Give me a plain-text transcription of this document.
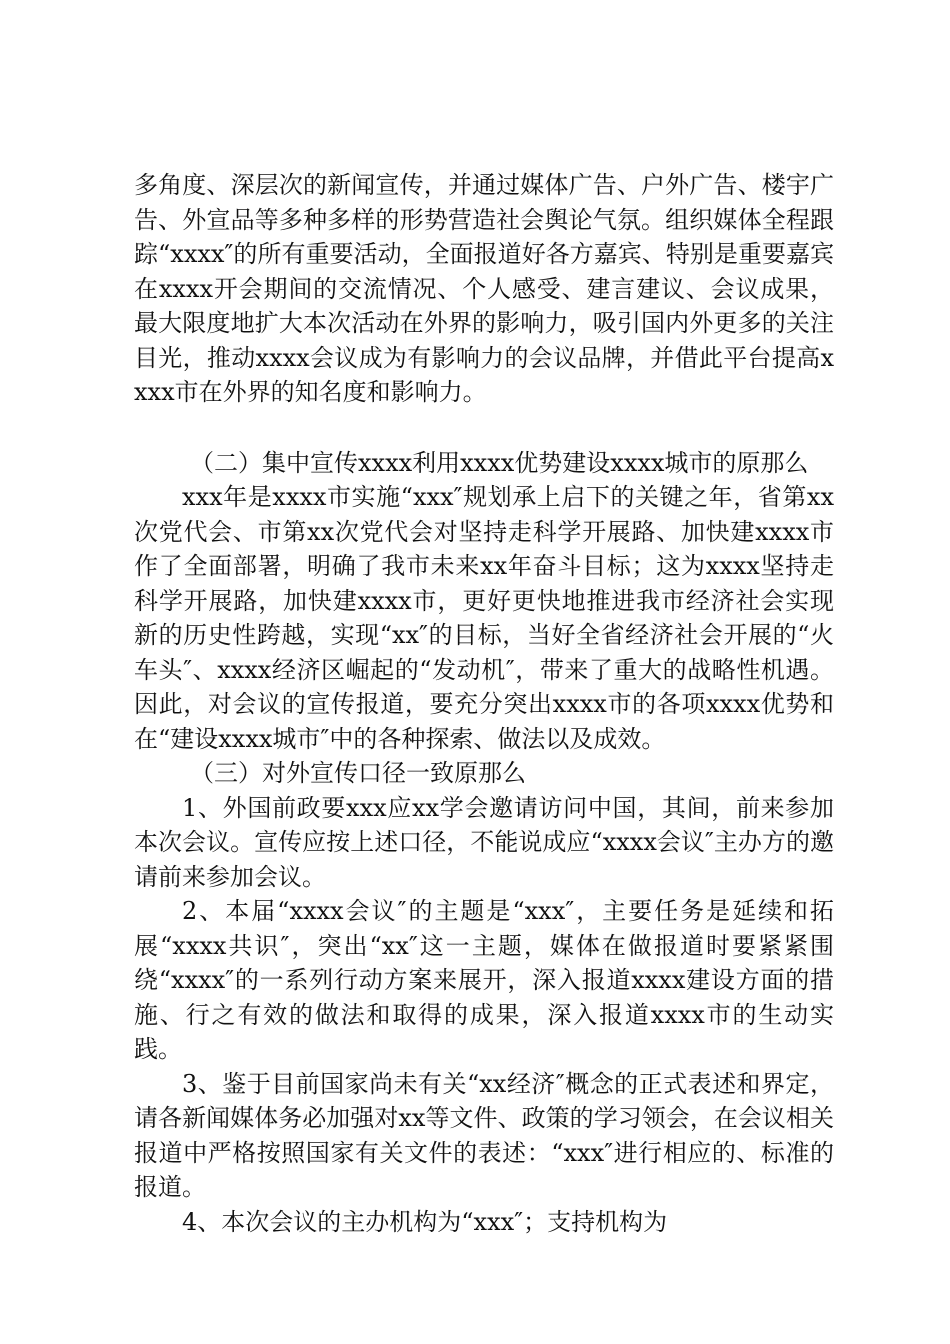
多角度、深层次的新闻宣传，并通过媒体广告、户外广告、楼宇广告、外宣品等多种多样的形势营造社会舆论气氛。组织媒体全程跟踪“xxxx″的所有重要活动，全面报道好各方嘉宾、特别是重要嘉宾在xxxx开会期间的交流情况、个人感受、建言建议、会议成果，最大限度地扩大本次活动在外界的影响力，吸引国内外更多的关注目光，推动xxxx会议成为有影响力的会议品牌，并借此平台提高xxxx市在外界的知名度和影响力。

（二）集中宣传xxxx利用xxxx优势建设xxxx城市的原那么

xxx年是xxxx市实施“xxx″规划承上启下的关键之年，省第xx次党代会、市第xx次党代会对坚持走科学开展路、加快建xxxx市作了全面部署，明确了我市未来xx年奋斗目标；这为xxxx坚持走科学开展路，加快建xxxx市，更好更快地推进我市经济社会实现新的历史性跨越，实现“xx″的目标，当好全省经济社会开展的“火车头″、xxxx经济区崛起的“发动机″，带来了重大的战略性机遇。因此，对会议的宣传报道，要充分突出xxxx市的各项xxxx优势和在“建设xxxx城市″中的各种探索、做法以及成效。

（三）对外宣传口径一致原那么

1、外国前政要xxx应xx学会邀请访问中国，其间，前来参加本次会议。宣传应按上述口径，不能说成应“xxxx会议″主办方的邀请前来参加会议。

2、本届“xxxx会议″的主题是“xxx″，主要任务是延续和拓展“xxxx共识″，突出“xx″这一主题，媒体在做报道时要紧紧围绕“xxxx″的一系列行动方案来展开，深入报道xxxx建设方面的措施、行之有效的做法和取得的成果，深入报道xxxx市的生动实践。

3、鉴于目前国家尚未有关“xx经济″概念的正式表述和界定，请各新闻媒体务必加强对xx等文件、政策的学习领会，在会议相关报道中严格按照国家有关文件的表述：“xxx″进行相应的、标准的报道。

4、本次会议的主办机构为“xxx″；支持机构为
